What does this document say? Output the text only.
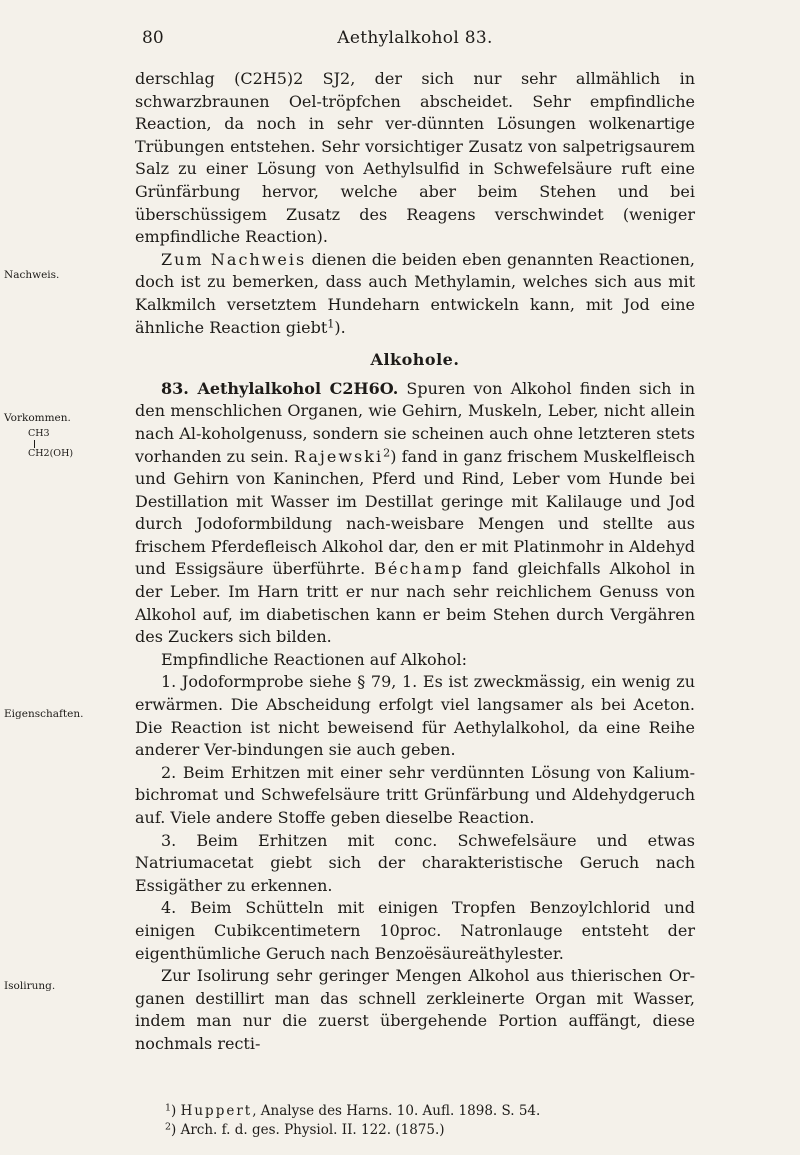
80	Aethylalkohol 83.
Nachweis.
Vorkommen.
CH3
CH2(OH)
Eigenschaften.
Isolirung.

derschlag (C2H5)2 SJ2, der sich nur sehr allmählich in schwarzbraunen Oel-tröpfchen abscheidet. Sehr empfindliche Reaction, da noch in sehr ver-dünnten Lösungen wolkenartige Trübungen entstehen. Sehr vorsichtiger Zusatz von salpetrigsaurem Salz zu einer Lösung von Aethylsulfid in Schwefelsäure ruft eine Grünfärbung hervor, welche aber beim Stehen und bei überschüssigem Zusatz des Reagens verschwindet (weniger empfindliche Reaction).

Zum Nachweis dienen die beiden eben genannten Reactionen, doch ist zu bemerken, dass auch Methylamin, welches sich aus mit Kalkmilch versetztem Hundeharn entwickeln kann, mit Jod eine ähnliche Reaction giebt$^1$).

Alkohole.

83. Aethylalkohol C2H6O. Spuren von Alkohol finden sich in den menschlichen Organen, wie Gehirn, Muskeln, Leber, nicht allein nach Al-koholgenuss, sondern sie scheinen auch ohne letzteren stets vorhanden zu sein. Rajewski$^2$) fand in ganz frischem Muskelfleisch und Gehirn von Kaninchen, Pferd und Rind, Leber vom Hunde bei Destillation mit Wasser im Destillat geringe mit Kalilauge und Jod durch Jodoformbildung nach-weisbare Mengen und stellte aus frischem Pferdefleisch Alkohol dar, den er mit Platinmohr in Aldehyd und Essigsäure überführte. Béchamp fand gleichfalls Alkohol in der Leber. Im Harn tritt er nur nach sehr reichlichem Genuss von Alkohol auf, im diabetischen kann er beim Stehen durch Vergähren des Zuckers sich bilden.

Empfindliche Reactionen auf Alkohol:

1. Jodoformprobe siehe § 79, 1. Es ist zweckmässig, ein wenig zu erwärmen. Die Abscheidung erfolgt viel langsamer als bei Aceton. Die Reaction ist nicht beweisend für Aethylalkohol, da eine Reihe anderer Ver-bindungen sie auch geben.

2. Beim Erhitzen mit einer sehr verdünnten Lösung von Kalium-bichromat und Schwefelsäure tritt Grünfärbung und Aldehydgeruch auf. Viele andere Stoffe geben dieselbe Reaction.

3. Beim Erhitzen mit conc. Schwefelsäure und etwas Natriumacetat giebt sich der charakteristische Geruch nach Essigäther zu erkennen.

4. Beim Schütteln mit einigen Tropfen Benzoylchlorid und einigen Cubikcentimetern 10proc. Natronlauge entsteht der eigenthümliche Geruch nach Benzoësäureäthylester.

Zur Isolirung sehr geringer Mengen Alkohol aus thierischen Or-ganen destillirt man das schnell zerkleinerte Organ mit Wasser, indem man nur die zuerst übergehende Portion auffängt, diese nochmals recti-

$^1$) Huppert, Analyse des Harns. 10. Aufl. 1898. S. 54.

$^2$) Arch. f. d. ges. Physiol. II. 122. (1875.)
